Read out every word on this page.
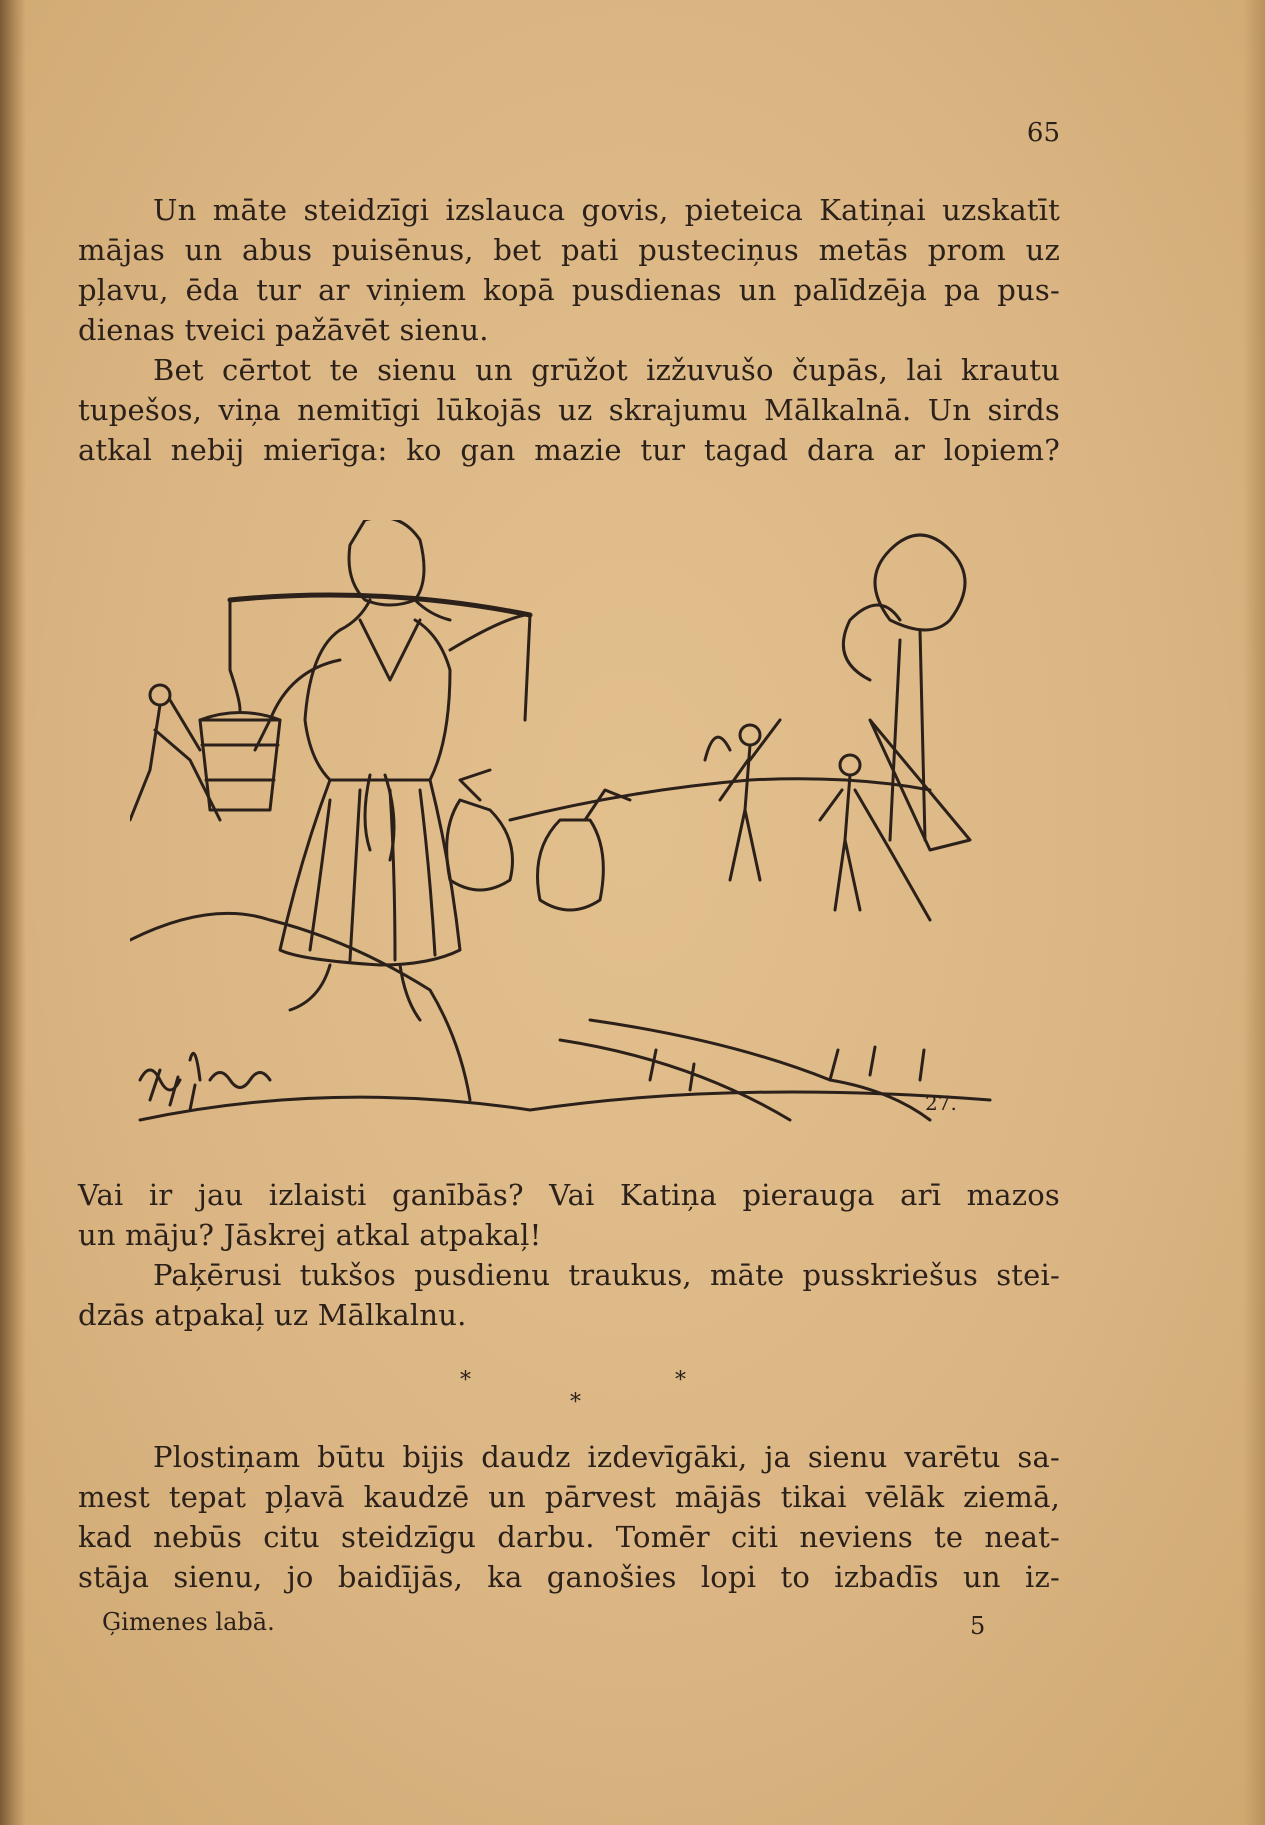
65
Un māte steidzīgi izslauca govis, pieteica Katiņai uzskatīt
mājas un abus puisēnus, bet pati pusteciņus metās prom uz
pļavu, ēda tur ar viņiem kopā pusdienas un palīdzēja pa pus-
dienas tveici pažāvēt sienu.
Bet cērtot te sienu un grūžot izžuvušo čupās, lai krautu
tupešos, viņa nemitīgi lūkojās uz skrajumu Mālkalnā. Un sirds
atkal nebij mierīga: ko gan mazie tur tagad dara ar lopiem?
27.
Vai ir jau izlaisti ganībās? Vai Katiņa pierauga arī mazos
un māju? Jāskrej atkal atpakaļ!
Paķērusi tukšos pusdienu traukus, māte pusskriešus stei-
dzās atpakaļ uz Mālkalnu.
*
*
*
Plostiņam būtu bijis daudz izdevīgāki, ja sienu varētu sa-
mest tepat pļavā kaudzē un pārvest mājās tikai vēlāk ziemā,
kad nebūs citu steidzīgu darbu. Tomēr citi neviens te neat-
stāja sienu, jo baidījās, ka ganošies lopi to izbadīs un iz-
Ģimenes labā.	5
